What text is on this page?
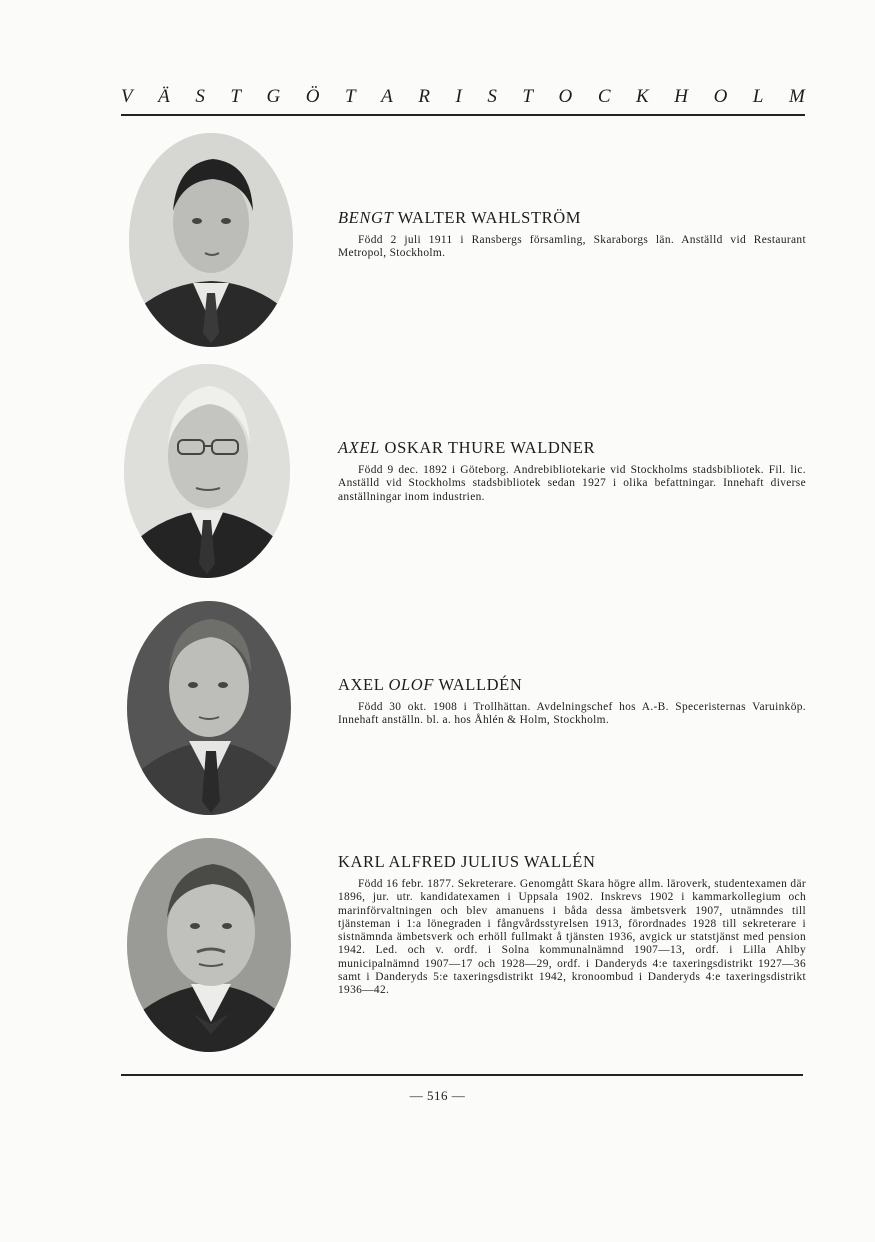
V Ä S T G Ö T A R I S T O C K H O L M
BENGT WALTER WAHLSTRÖM
Född 2 juli 1911 i Ransbergs församling, Skaraborgs län. Anställd vid Restaurant Metropol, Stockholm.
AXEL OSKAR THURE WALDNER
Född 9 dec. 1892 i Göteborg. Andrebibliotekarie vid Stockholms stadsbibliotek. Fil. lic. Anställd vid Stockholms stadsbibliotek sedan 1927 i olika befattningar. Innehaft diverse anställningar inom industrien.
AXEL OLOF WALLDÉN
Född 30 okt. 1908 i Trollhättan. Avdelningschef hos A.-B. Speceristernas Varuinköp. Innehaft anställn. bl. a. hos Åhlén & Holm, Stockholm.
KARL ALFRED JULIUS WALLÉN
Född 16 febr. 1877. Sekreterare. Genomgått Skara högre allm. läroverk, studentexamen där 1896, jur. utr. kandidatexamen i Uppsala 1902. Inskrevs 1902 i kammarkollegium och marinförvaltningen och blev amanuens i båda dessa ämbetsverk 1907, utnämndes till tjänsteman i 1:a lönegraden i fångvårdsstyrelsen 1913, förordnades 1928 till sekreterare i sistnämnda ämbetsverk och erhöll fullmakt å tjänsten 1936, avgick ur statstjänst med pension 1942. Led. och v. ordf. i Solna kommunalnämnd 1907—13, ordf. i Lilla Ahlby municipalnämnd 1907—17 och 1928—29, ordf. i Danderyds 4:e taxeringsdistrikt 1927—36 samt i Danderyds 5:e taxeringsdistrikt 1942, kronoombud i Danderyds 4:e taxeringsdistrikt 1936—42.
— 516 —
